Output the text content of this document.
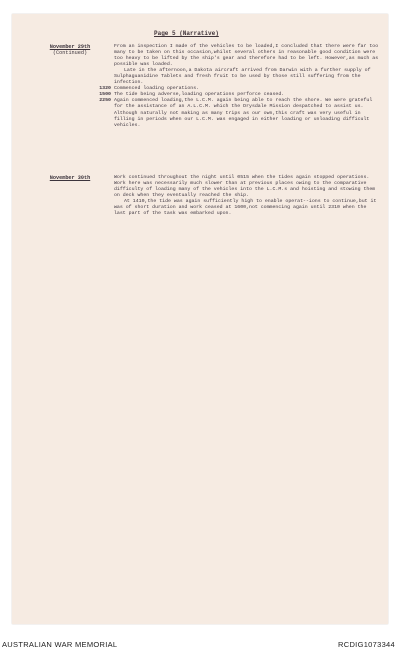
Page 5 (Narrative)
November 29th
(Continued)

From an inspection I made of the vehicles to be loaded,I concluded that there were far too many to be taken on this occasion,whilst several others in reasonable good condition were too heavy to be lifted by the ship's gear and therefore had to be left. However,as much as possible was loaded.

Late in the afternoon,a Dakota aircraft arrived from Darwin with a further supply of Sulphaguanidine Tablets and fresh fruit to be used by those still suffering from the infection.

1320 Commenced loading operations.

1500 The tide being adverse,loading operations perforce ceased.

2250 Again commenced loading,the L.C.M. again being able to reach the shore. We were grateful for the assistance of an A.L.C.M. which the Drysdale Mission despatched to assist us. Although naturally not making as many trips as our own,this craft was very useful in filling in periods when our L.C.M. was engaged in either loading or unloading difficult vehicles.

November 30th	Work continued throughout the night until 0515 when the tides again stopped operations. Work here was necessarily much slower than at previous places owing to the comparative difficulty of loading many of the vehicles into the L.C.M.s and hoisting and stowing them on deck when they eventually reached the ship.

At 1410,the tide was again sufficiently high to enable operat--ions to continue,but it was of short duration and work ceased at 1600,not commencing again until 2310 when the last part of the task was embarked upon.

AUSTRALIAN WAR MEMORIAL	RCDIG1073344
